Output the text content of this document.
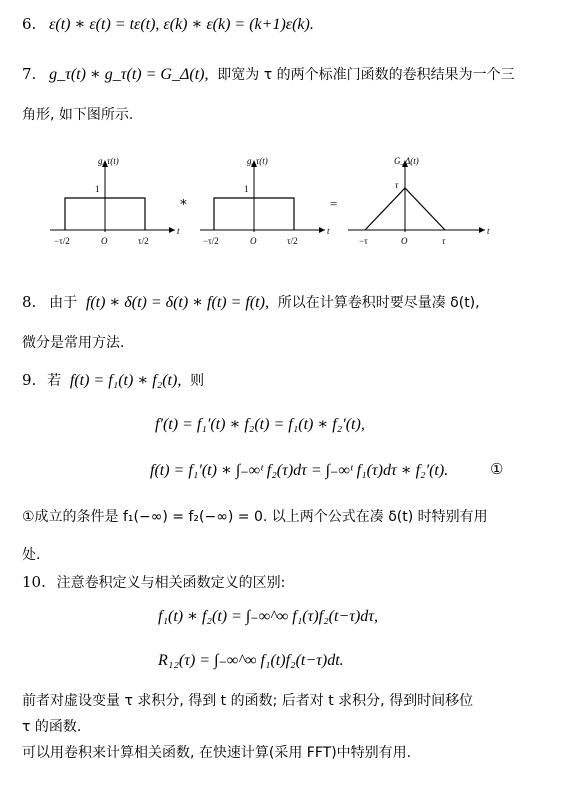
6. ε(t) ∗ ε(t) = tε(t), ε(k) ∗ ε(k) = (k+1)ε(k).
7. g_τ(t) ∗ g_τ(t) = G_Δ(t), 即宽为 τ 的两个标准门函数的卷积结果为一个三
角形, 如下图所示.
g_τ(t)
1
−τ/2	O	τ/2
t
∗
g_τ(t)
1
−τ/2	O	τ/2
t
=
G_Δ(t)
τ
−τ	O	τ
t
8. 由于 f(t) ∗ δ(t) = δ(t) ∗ f(t) = f(t), 所以在计算卷积时要尽量凑 δ(t),
微分是常用方法.
9. 若 f(t) = f₁(t) ∗ f₂(t), 则
f′(t) = f₁′(t) ∗ f₂(t) = f₁(t) ∗ f₂′(t),
f(t) = f₁′(t) ∗ ∫₋∞ᵗ f₂(τ)dτ = ∫₋∞ᵗ f₁(τ)dτ ∗ f₂′(t).	①
①成立的条件是 f₁(−∞) = f₂(−∞) = 0. 以上两个公式在凑 δ(t) 时特别有用
处.
10. 注意卷积定义与相关函数定义的区别:
f₁(t) ∗ f₂(t) = ∫₋∞^∞ f₁(τ)f₂(t−τ)dτ,
R₁₂(τ) = ∫₋∞^∞ f₁(t)f₂(t−τ)dt.
前者对虚设变量 τ 求积分, 得到 t 的函数; 后者对 t 求积分, 得到时间移位
τ 的函数.
可以用卷积来计算相关函数, 在快速计算(采用 FFT)中特别有用.
